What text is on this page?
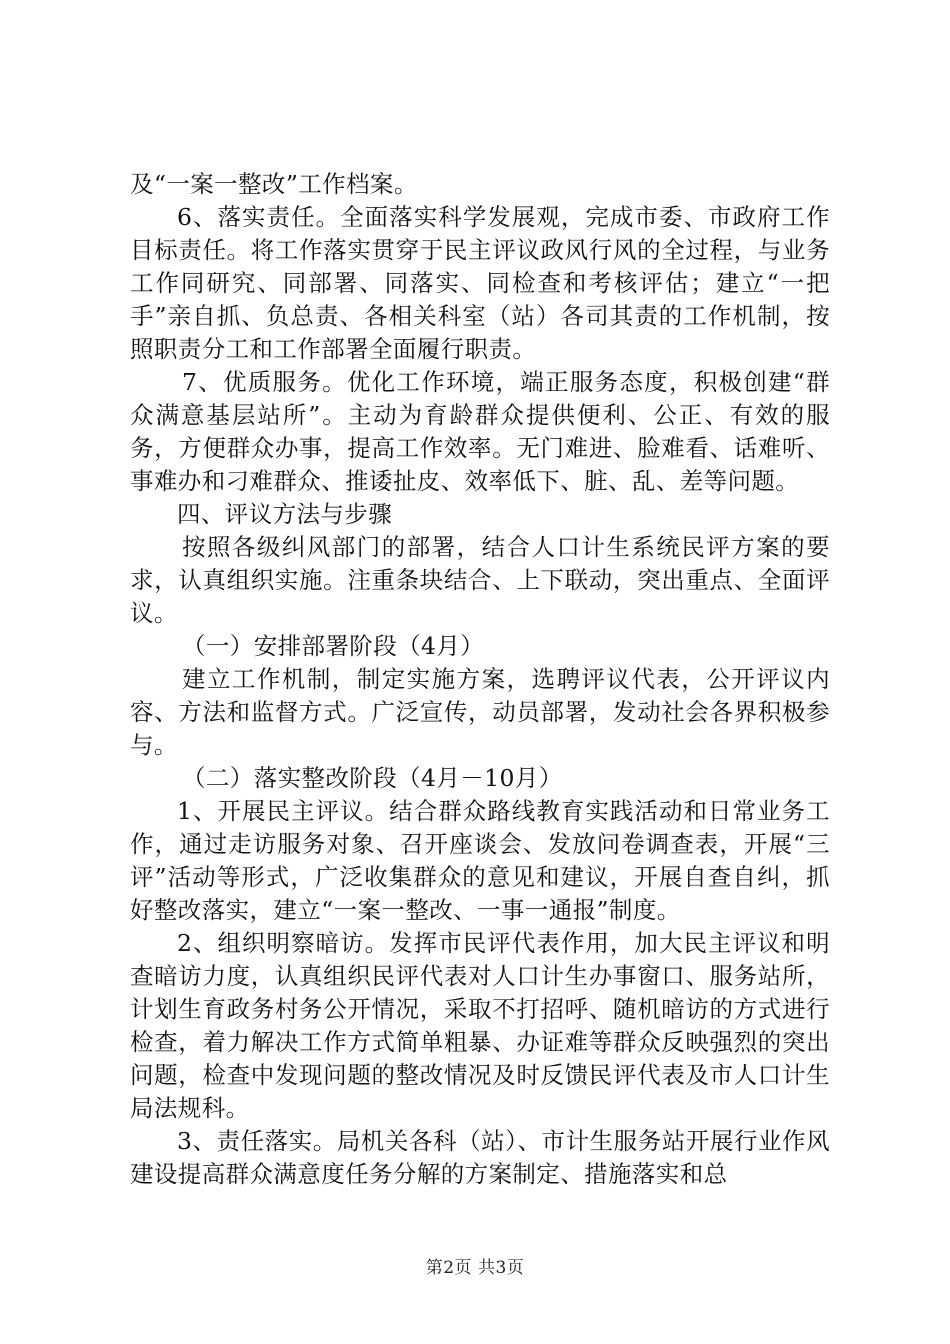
及“一案一整改”工作档案。

6、落实责任。全面落实科学发展观，完成市委、市政府工作目标责任。将工作落实贯穿于民主评议政风行风的全过程，与业务工作同研究、同部署、同落实、同检查和考核评估；建立“一把手”亲自抓、负总责、各相关科室（站）各司其责的工作机制，按照职责分工和工作部署全面履行职责。

7、优质服务。优化工作环境，端正服务态度，积极创建“群众满意基层站所”。主动为育龄群众提供便利、公正、有效的服务，方便群众办事，提高工作效率。无门难进、脸难看、话难听、事难办和刁难群众、推诿扯皮、效率低下、脏、乱、差等问题。

四、评议方法与步骤

按照各级纠风部门的部署，结合人口计生系统民评方案的要求，认真组织实施。注重条块结合、上下联动，突出重点、全面评议。

（一）安排部署阶段（4月）

建立工作机制，制定实施方案，选聘评议代表，公开评议内容、方法和监督方式。广泛宣传，动员部署，发动社会各界积极参与。

（二）落实整改阶段（4月－10月）

1、开展民主评议。结合群众路线教育实践活动和日常业务工作，通过走访服务对象、召开座谈会、发放问卷调查表，开展“三评”活动等形式，广泛收集群众的意见和建议，开展自查自纠，抓好整改落实，建立“一案一整改、一事一通报”制度。

2、组织明察暗访。发挥市民评代表作用，加大民主评议和明查暗访力度，认真组织民评代表对人口计生办事窗口、服务站所，计划生育政务村务公开情况，采取不打招呼、随机暗访的方式进行检查，着力解决工作方式简单粗暴、办证难等群众反映强烈的突出问题，检查中发现问题的整改情况及时反馈民评代表及市人口计生局法规科。

3、责任落实。局机关各科（站）、市计生服务站开展行业作风建设提高群众满意度任务分解的方案制定、措施落实和总

第2页 共3页
